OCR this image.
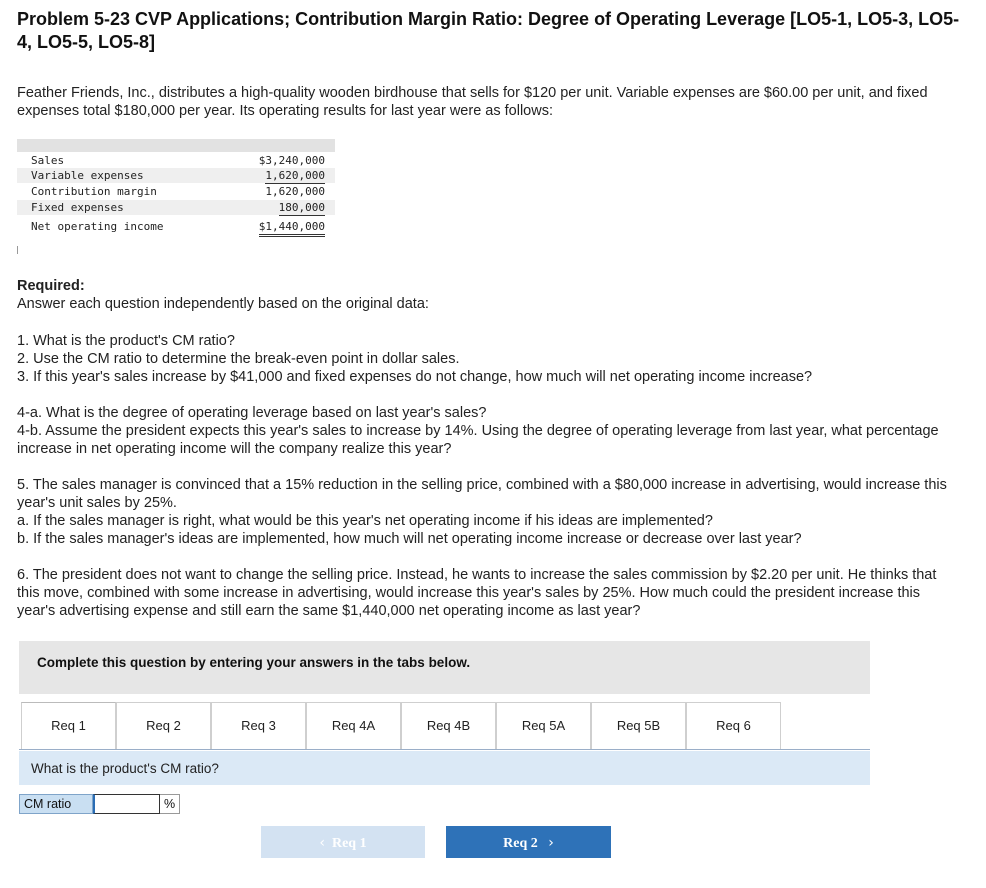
Problem 5-23 CVP Applications; Contribution Margin Ratio: Degree of Operating Leverage [LO5-1, LO5-3, LO5-4, LO5-5, LO5-8]
Feather Friends, Inc., distributes a high-quality wooden birdhouse that sells for $120 per unit. Variable expenses are $60.00 per unit, and fixed expenses total $180,000 per year. Its operating results for last year were as follows:
Sales	$3,240,000
Variable expenses	1,620,000
Contribution margin	1,620,000
Fixed expenses	180,000
Net operating income	$1,440,000
Required:
Answer each question independently based on the original data:
1. What is the product's CM ratio?
2. Use the CM ratio to determine the break-even point in dollar sales.
3. If this year's sales increase by $41,000 and fixed expenses do not change, how much will net operating income increase?
4-a. What is the degree of operating leverage based on last year's sales?
4-b. Assume the president expects this year's sales to increase by 14%. Using the degree of operating leverage from last year, what percentage increase in net operating income will the company realize this year?
5. The sales manager is convinced that a 15% reduction in the selling price, combined with a $80,000 increase in advertising, would increase this year's unit sales by 25%.
a. If the sales manager is right, what would be this year's net operating income if his ideas are implemented?
b. If the sales manager's ideas are implemented, how much will net operating income increase or decrease over last year?
6. The president does not want to change the selling price. Instead, he wants to increase the sales commission by $2.20 per unit. He thinks that this move, combined with some increase in advertising, would increase this year's sales by 25%. How much could the president increase this year's advertising expense and still earn the same $1,440,000 net operating income as last year?
Complete this question by entering your answers in the tabs below.
Req 1	Req 2	Req 3	Req 4A	Req 4B	Req 5A	Req 5B	Req 6
What is the product's CM ratio?
CM ratio	%
‹ Req 1	Req 2 ›
